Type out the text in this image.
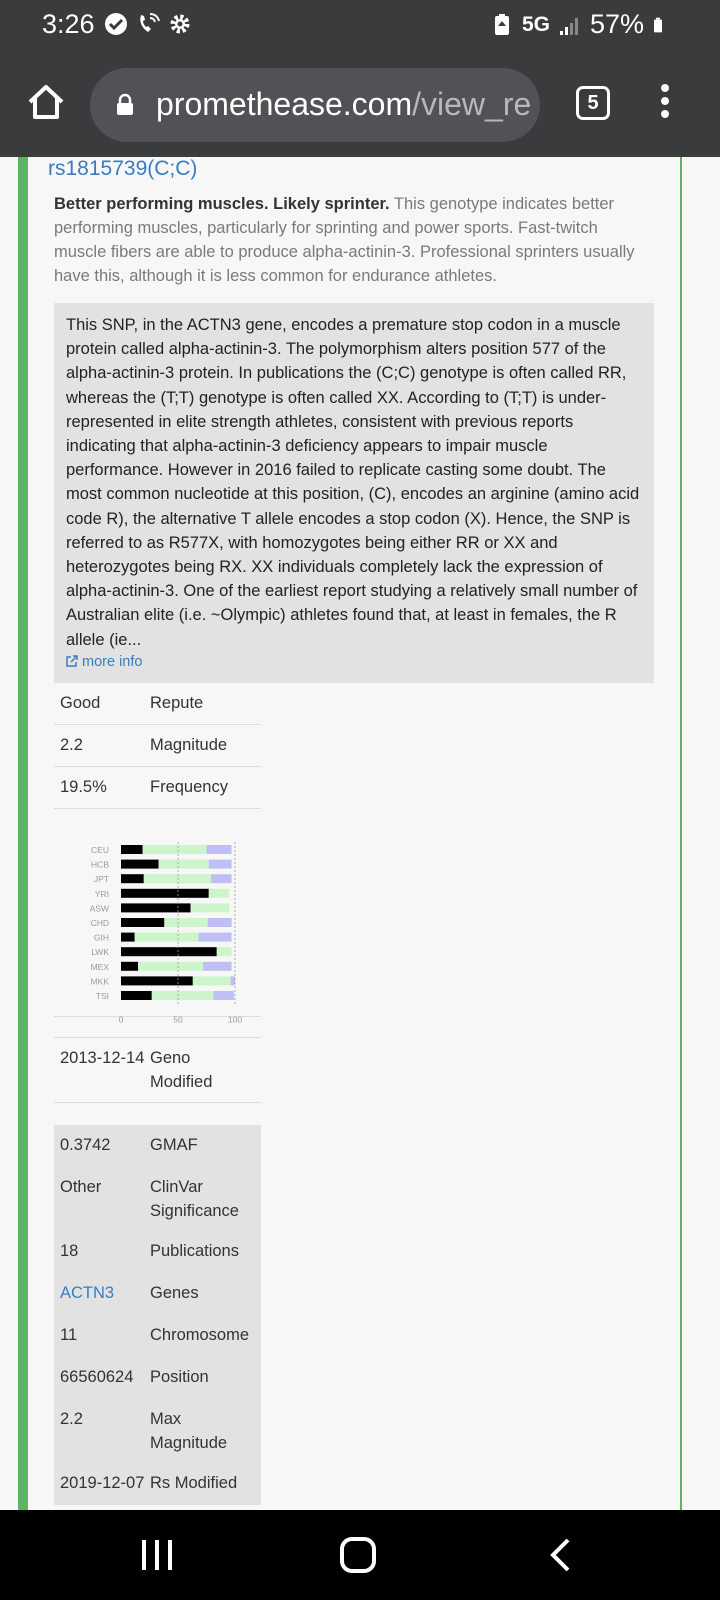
3:26	5G 57%
promethease.com/view_re	5
rs1815739(C;C)

Better performing muscles. Likely sprinter. This genotype indicates better performing muscles, particularly for sprinting and power sports. Fast-twitch muscle fibers are able to produce alpha-actinin-3. Professional sprinters usually have this, although it is less common for endurance athletes.

This SNP, in the ACTN3 gene, encodes a premature stop codon in a muscle protein called alpha-actinin-3. The polymorphism alters position 577 of the alpha-actinin-3 protein. In publications the (C;C) genotype is often called RR, whereas the (T;T) genotype is often called XX. According to (T;T) is under-represented in elite strength athletes, consistent with previous reports indicating that alpha-actinin-3 deficiency appears to impair muscle performance. However in 2016 failed to replicate casting some doubt. The most common nucleotide at this position, (C), encodes an arginine (amino acid code R), the alternative T allele encodes a stop codon (X). Hence, the SNP is referred to as R577X, with homozygotes being either RR or XX and heterozygotes being RX. XX individuals completely lack the expression of alpha-actinin-3. One of the earliest report studying a relatively small number of Australian elite (i.e. ~Olympic) athletes found that, at least in females, the R allele (ie...

more info
Good	Repute
2.2	Magnitude
19.5%	Frequency
CEU
HCB
JPT
YRI
ASW
CHD
GIH
LWK
MEX
MKK
TSI
0	50	100
2013-12-14 Geno Modified
0.3742	GMAF
Other	ClinVar Significance
18	Publications
ACTN3	Genes
11	Chromosome
66560624	Position
2.2	Max Magnitude
2019-12-07 Rs Modified
